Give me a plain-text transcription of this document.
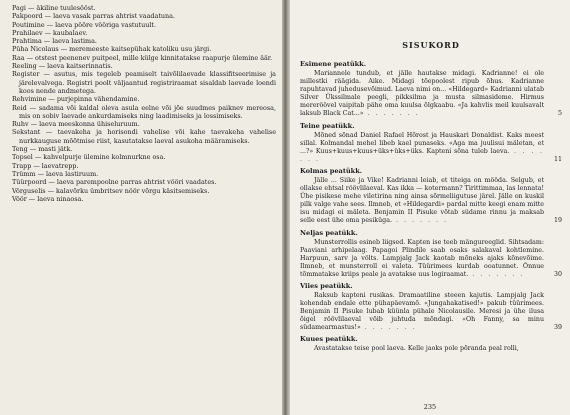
Pagi — äkiline tuulesööst.

Pakpoord — laeva vasak parras ahtrist vaadatuna.

Poutimine — laeva pööre vööriga vastutuult.

Prahilaev — kaubalaev.

Prahtima — laeva lastima.

Püha Nicolaus — meremeeste kaitsepühak katoliku usu järgi.

Raa — otstest peenenev puitpeel, mille külge kinnitatakse raapurje ülemine äär.

Reeling — laeva kaitserinnatis.

Register — asutus, mis tegeleb peamiselt taivõlilaevade klassifitseerimise ja järelevalvega. Registri poolt väljaantud registriraamat sisaldab laevade loendi koos nende andmetega.

Rehvimine — purjepinna vähendamine.

Reid — sadama või kaldal oleva asula eelne või jõe suudmes paiknev mereosa, mis on sobiv laevade ankurdamiseks ning laadimiseks ja lossimiseks.

Ruhv — laeva meeskonna ühiseluruum.

Sekstant — taevakeha ja horisondi vahelise või kahe taevakeha vahelise nurkkauguse mõõtmise riist, kasutatakse laeval asukoha määramiseks.

Teng — masti jätk.

Topsel — kahvelpurje ülemine kolmnurkne osa.

Trapp — laevatrepp.

Trümm — laeva lastiruum.

Tüürpoord — laeva parempoolne parras ahtrist vööri vaadates.

Vörguselis — kalavõrku ümbritsev nöör võrgu käsitsemiseks.

Vöör — laeva ninaosa.

SISUKORD
Esimene peatükk.

Mariannele tundub, et jälle hautakse midagi. Kadrianne! ei ole millestki räägida. Aike. Midagi tõepoolest ripub õhus. Kadrianne rapuhtavad juhedusevõimud. Laeva nimi on... «Hildegard» Kadrianni ulatab Silver Ükssilmale peegli, pikksilma ja musta silmasideme. Hirmus mereröövel vaipitab pähe oma kuulsa õlgkaabu. «Ja kahvlis meil kuulsavalt laksub Black Cat...» . . . . . . .	5

Teine peatükk.

Mõned sõnad Daniel Rafael Hõrost ja Hauskari Donaldist. Kaks meest sillal. Kolmandal mehel libeb kael punaseks. «Aga ma juulisui mäletan, et ...?» Kuus+kuus+kuus+üks+üks+üks. Kapteni sõna tuleb laeva. . . . . . . .	11

Kolmas peatükk.

Jälle ... Siike ja Vike! Kadrianni leiab, et titeiga on mööda. Selgub, et ollakse ehtsal röövlilaeval. Kas ikka — kotermann? Tirittimmaa, las lennata! Ühe pisikese mehe viletirina ning ainsa sõrmeliigutuse järel. Jälle on kuskil pilk valge vahe sees. Ilmneb, et «Hildegardi» pardal mitte keegi enam mitte isu midagi ei mäleta. Benjamin II Pisuke võtab südame rinnu ja maksab selle eest ühe oma pesiküga. . . . . . . .	19

Neljas peatükk.

Munsterrollis esineb liigsed. Kapten ise teeb mängureeglid. Sihtsadam: Paaviani arhipelaag. Papagoi Plindile saab osaks salakaval kohtlemine. Harpuun, sarv ja völts. Lampjalg Jack kaotab mõneks ajaks kõnevõime. Ilmneb, et munsterroll ei valeta. Tüürimees kurdab ooatunnet. Õnnue tõmmatakse kriips peale ja avatakse uus logiraamat. . . . . . . .	30

Viies peatükk.

Raksub kapteni rusikas. Dramaatiline steeen kajutis. Lampjalg Jack kohendab endale ette pühapäevamõ. «Jungahakatised!» pakub tüürimees. Benjamin II Pisuke lubab küünla pühale Nicolausile. Meresi ja ühe ilusa õigel röövlilaeval võib juhtuda mõndagi. «Oh Fanny, sa minu südamearmastus!» . . . . . . .	39

Kuues peatükk.

Avastatakse teise pool laeva. Kelle jaoks pole põranda peal rolli,

235
